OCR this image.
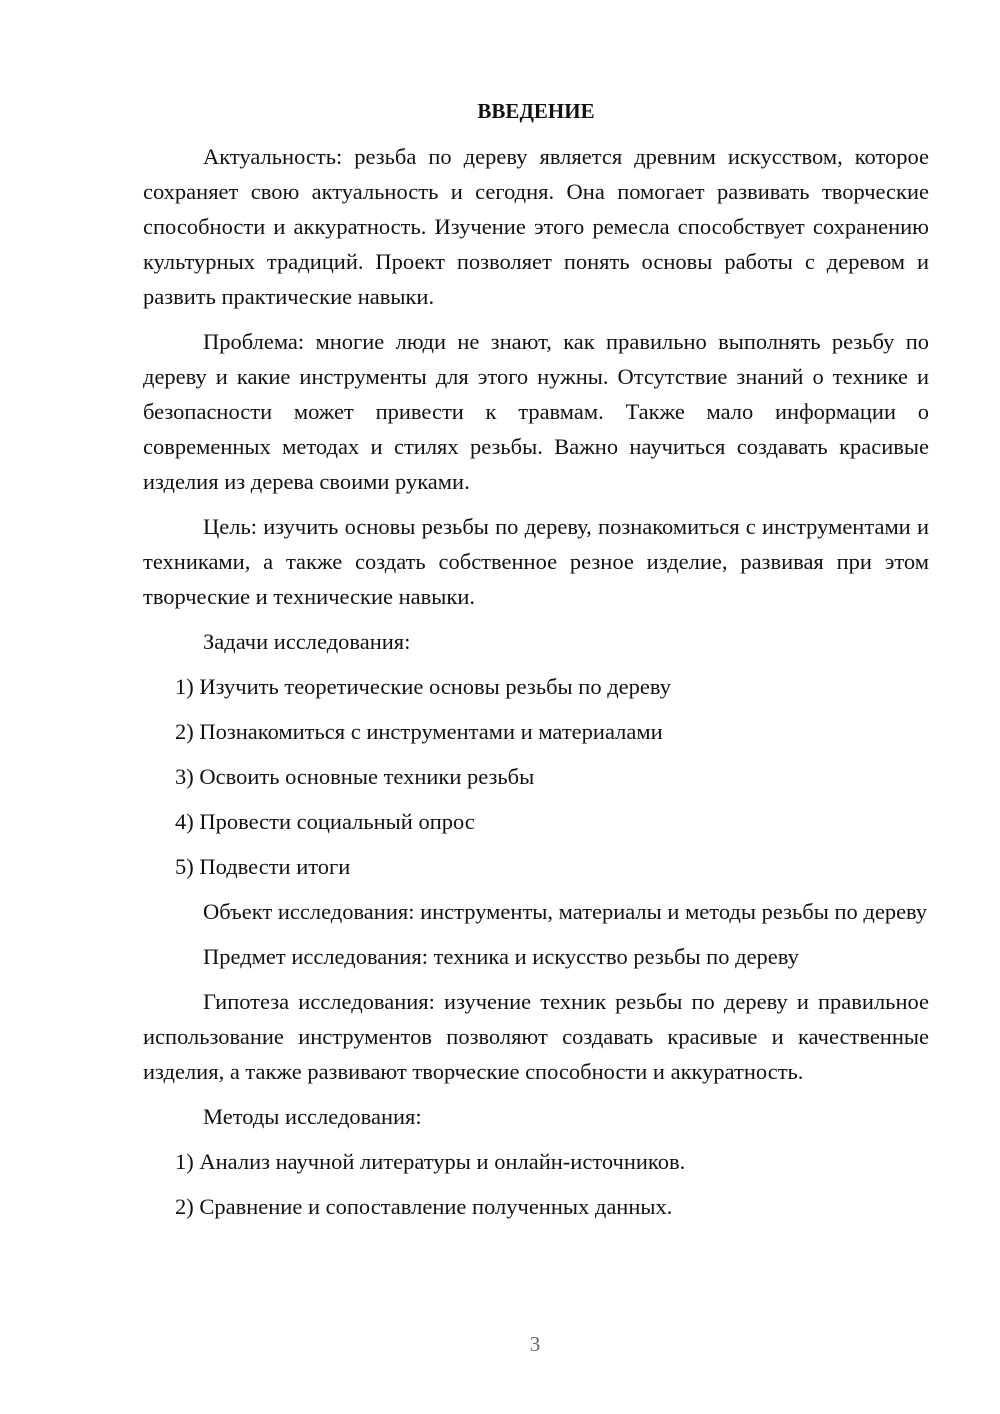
ВВЕДЕНИЕ

Актуальность: резьба по дереву является древним искусством, которое сохраняет свою актуальность и сегодня. Она помогает развивать творческие способности и аккуратность. Изучение этого ремесла способствует сохранению культурных традиций. Проект позволяет понять основы работы с деревом и развить практические навыки.

Проблема: многие люди не знают, как правильно выполнять резьбу по дереву и какие инструменты для этого нужны. Отсутствие знаний о технике и безопасности может привести к травмам. Также мало информации о современных методах и стилях резьбы. Важно научиться создавать красивые изделия из дерева своими руками.

Цель: изучить основы резьбы по дереву, познакомиться с инструментами и техниками, а также создать собственное резное изделие, развивая при этом творческие и технические навыки.

Задачи исследования:

1) Изучить теоретические основы резьбы по дереву

2) Познакомиться с инструментами и материалами

3) Освоить основные техники резьбы

4) Провести социальный опрос

5) Подвести итоги

Объект исследования: инструменты, материалы и методы резьбы по дереву

Предмет исследования: техника и искусство резьбы по дереву

Гипотеза исследования: изучение техник резьбы по дереву и правильное использование инструментов позволяют создавать красивые и качественные изделия, а также развивают творческие способности и аккуратность.

Методы исследования:

1) Анализ научной литературы и онлайн-источников.

2) Сравнение и сопоставление полученных данных.

3
